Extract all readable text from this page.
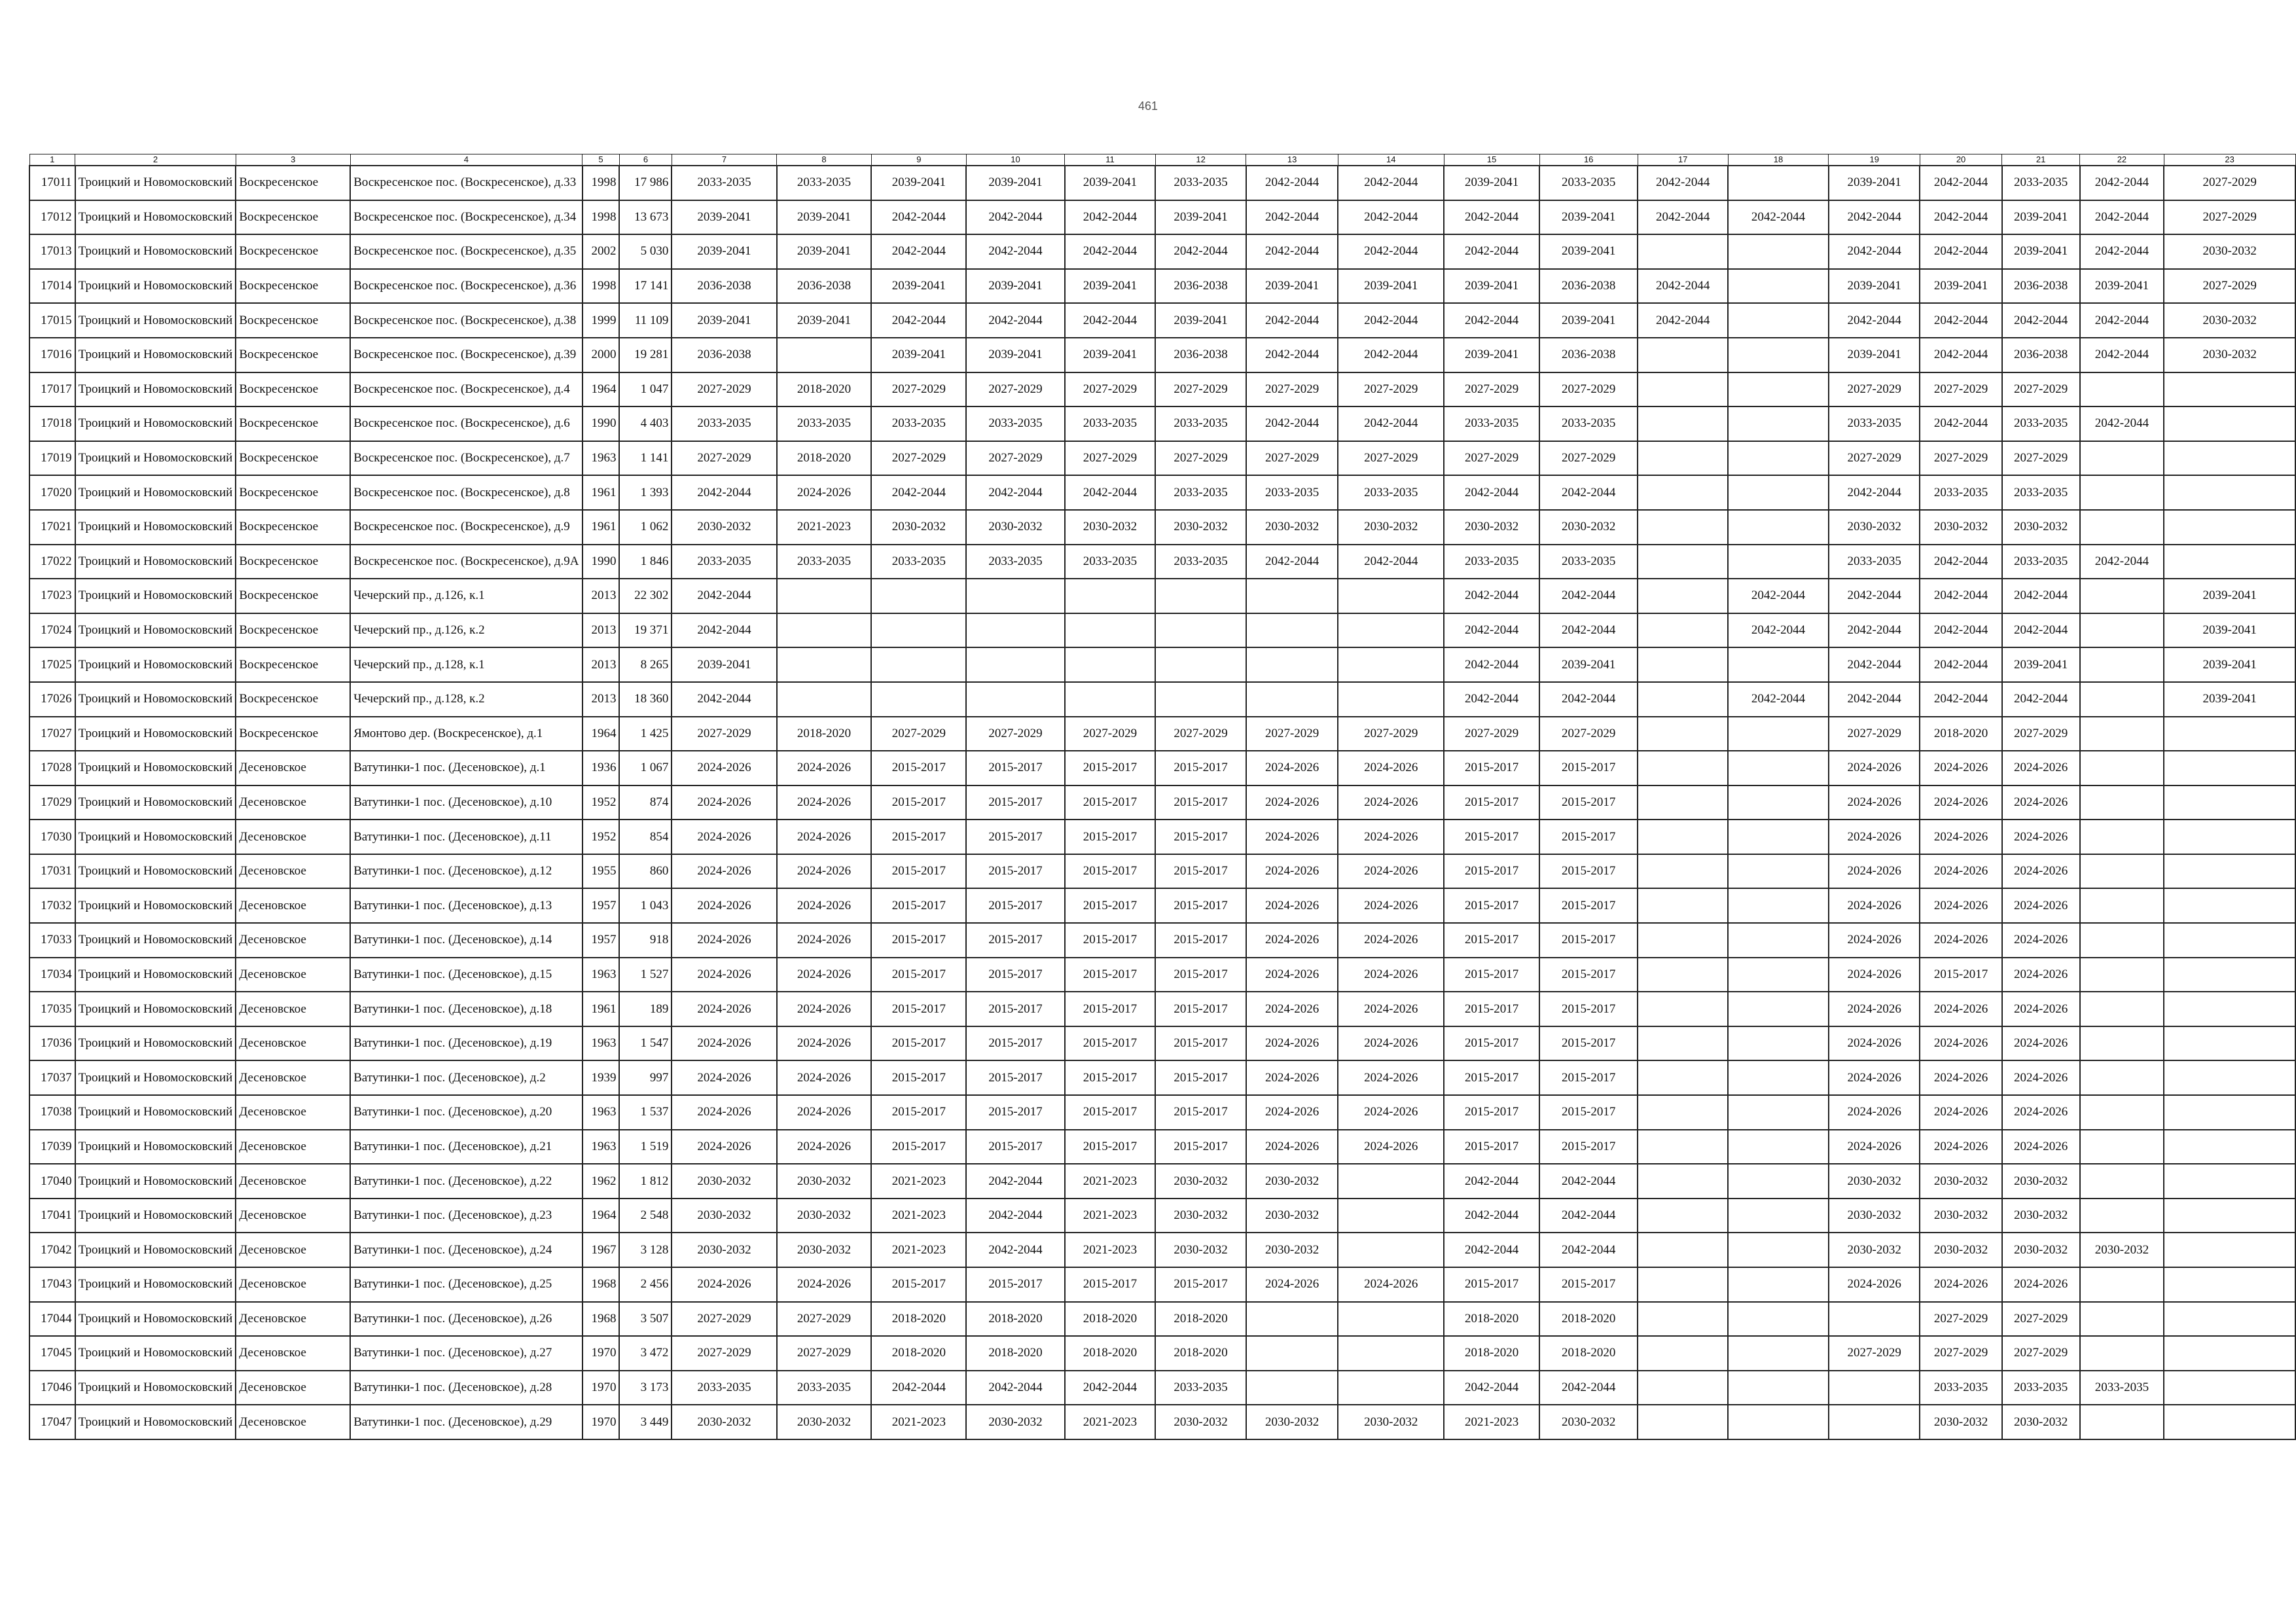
461
1	2	3	4	5	6	7	8	9	10	11	12	13	14	15	16	17	18	19	20	21	22	23
17011	Троицкий и Новомосковский	Воскресенское	Воскресенское пос. (Воскресенское), д.33	1998	17 986	2033-2035	2033-2035	2039-2041	2039-2041	2039-2041	2033-2035	2042-2044	2042-2044	2039-2041	2033-2035	2042-2044		2039-2041	2042-2044	2033-2035	2042-2044	2027-2029
17012	Троицкий и Новомосковский	Воскресенское	Воскресенское пос. (Воскресенское), д.34	1998	13 673	2039-2041	2039-2041	2042-2044	2042-2044	2042-2044	2039-2041	2042-2044	2042-2044	2042-2044	2039-2041	2042-2044	2042-2044	2042-2044	2042-2044	2039-2041	2042-2044	2027-2029
17013	Троицкий и Новомосковский	Воскресенское	Воскресенское пос. (Воскресенское), д.35	2002	5 030	2039-2041	2039-2041	2042-2044	2042-2044	2042-2044	2042-2044	2042-2044	2042-2044	2042-2044	2039-2041			2042-2044	2042-2044	2039-2041	2042-2044	2030-2032
17014	Троицкий и Новомосковский	Воскресенское	Воскресенское пос. (Воскресенское), д.36	1998	17 141	2036-2038	2036-2038	2039-2041	2039-2041	2039-2041	2036-2038	2039-2041	2039-2041	2039-2041	2036-2038	2042-2044		2039-2041	2039-2041	2036-2038	2039-2041	2027-2029
17015	Троицкий и Новомосковский	Воскресенское	Воскресенское пос. (Воскресенское), д.38	1999	11 109	2039-2041	2039-2041	2042-2044	2042-2044	2042-2044	2039-2041	2042-2044	2042-2044	2042-2044	2039-2041	2042-2044		2042-2044	2042-2044	2042-2044	2042-2044	2030-2032
17016	Троицкий и Новомосковский	Воскресенское	Воскресенское пос. (Воскресенское), д.39	2000	19 281	2036-2038		2039-2041	2039-2041	2039-2041	2036-2038	2042-2044	2042-2044	2039-2041	2036-2038			2039-2041	2042-2044	2036-2038	2042-2044	2030-2032
17017	Троицкий и Новомосковский	Воскресенское	Воскресенское пос. (Воскресенское), д.4	1964	1 047	2027-2029	2018-2020	2027-2029	2027-2029	2027-2029	2027-2029	2027-2029	2027-2029	2027-2029	2027-2029			2027-2029	2027-2029	2027-2029		
17018	Троицкий и Новомосковский	Воскресенское	Воскресенское пос. (Воскресенское), д.6	1990	4 403	2033-2035	2033-2035	2033-2035	2033-2035	2033-2035	2033-2035	2042-2044	2042-2044	2033-2035	2033-2035			2033-2035	2042-2044	2033-2035	2042-2044	
17019	Троицкий и Новомосковский	Воскресенское	Воскресенское пос. (Воскресенское), д.7	1963	1 141	2027-2029	2018-2020	2027-2029	2027-2029	2027-2029	2027-2029	2027-2029	2027-2029	2027-2029	2027-2029			2027-2029	2027-2029	2027-2029		
17020	Троицкий и Новомосковский	Воскресенское	Воскресенское пос. (Воскресенское), д.8	1961	1 393	2042-2044	2024-2026	2042-2044	2042-2044	2042-2044	2033-2035	2033-2035	2033-2035	2042-2044	2042-2044			2042-2044	2033-2035	2033-2035		
17021	Троицкий и Новомосковский	Воскресенское	Воскресенское пос. (Воскресенское), д.9	1961	1 062	2030-2032	2021-2023	2030-2032	2030-2032	2030-2032	2030-2032	2030-2032	2030-2032	2030-2032	2030-2032			2030-2032	2030-2032	2030-2032		
17022	Троицкий и Новомосковский	Воскресенское	Воскресенское пос. (Воскресенское), д.9А	1990	1 846	2033-2035	2033-2035	2033-2035	2033-2035	2033-2035	2033-2035	2042-2044	2042-2044	2033-2035	2033-2035			2033-2035	2042-2044	2033-2035	2042-2044	
17023	Троицкий и Новомосковский	Воскресенское	Чечерский пр., д.126, к.1	2013	22 302	2042-2044								2042-2044	2042-2044		2042-2044	2042-2044	2042-2044	2042-2044		2039-2041
17024	Троицкий и Новомосковский	Воскресенское	Чечерский пр., д.126, к.2	2013	19 371	2042-2044								2042-2044	2042-2044		2042-2044	2042-2044	2042-2044	2042-2044		2039-2041
17025	Троицкий и Новомосковский	Воскресенское	Чечерский пр., д.128, к.1	2013	8 265	2039-2041								2042-2044	2039-2041			2042-2044	2042-2044	2039-2041		2039-2041
17026	Троицкий и Новомосковский	Воскресенское	Чечерский пр., д.128, к.2	2013	18 360	2042-2044								2042-2044	2042-2044		2042-2044	2042-2044	2042-2044	2042-2044		2039-2041
17027	Троицкий и Новомосковский	Воскресенское	Ямонтово дер. (Воскресенское), д.1	1964	1 425	2027-2029	2018-2020	2027-2029	2027-2029	2027-2029	2027-2029	2027-2029	2027-2029	2027-2029	2027-2029			2027-2029	2018-2020	2027-2029		
17028	Троицкий и Новомосковский	Десеновское	Ватутинки-1 пос. (Десеновское), д.1	1936	1 067	2024-2026	2024-2026	2015-2017	2015-2017	2015-2017	2015-2017	2024-2026	2024-2026	2015-2017	2015-2017			2024-2026	2024-2026	2024-2026		
17029	Троицкий и Новомосковский	Десеновское	Ватутинки-1 пос. (Десеновское), д.10	1952	874	2024-2026	2024-2026	2015-2017	2015-2017	2015-2017	2015-2017	2024-2026	2024-2026	2015-2017	2015-2017			2024-2026	2024-2026	2024-2026		
17030	Троицкий и Новомосковский	Десеновское	Ватутинки-1 пос. (Десеновское), д.11	1952	854	2024-2026	2024-2026	2015-2017	2015-2017	2015-2017	2015-2017	2024-2026	2024-2026	2015-2017	2015-2017			2024-2026	2024-2026	2024-2026		
17031	Троицкий и Новомосковский	Десеновское	Ватутинки-1 пос. (Десеновское), д.12	1955	860	2024-2026	2024-2026	2015-2017	2015-2017	2015-2017	2015-2017	2024-2026	2024-2026	2015-2017	2015-2017			2024-2026	2024-2026	2024-2026		
17032	Троицкий и Новомосковский	Десеновское	Ватутинки-1 пос. (Десеновское), д.13	1957	1 043	2024-2026	2024-2026	2015-2017	2015-2017	2015-2017	2015-2017	2024-2026	2024-2026	2015-2017	2015-2017			2024-2026	2024-2026	2024-2026		
17033	Троицкий и Новомосковский	Десеновское	Ватутинки-1 пос. (Десеновское), д.14	1957	918	2024-2026	2024-2026	2015-2017	2015-2017	2015-2017	2015-2017	2024-2026	2024-2026	2015-2017	2015-2017			2024-2026	2024-2026	2024-2026		
17034	Троицкий и Новомосковский	Десеновское	Ватутинки-1 пос. (Десеновское), д.15	1963	1 527	2024-2026	2024-2026	2015-2017	2015-2017	2015-2017	2015-2017	2024-2026	2024-2026	2015-2017	2015-2017			2024-2026	2015-2017	2024-2026		
17035	Троицкий и Новомосковский	Десеновское	Ватутинки-1 пос. (Десеновское), д.18	1961	189	2024-2026	2024-2026	2015-2017	2015-2017	2015-2017	2015-2017	2024-2026	2024-2026	2015-2017	2015-2017			2024-2026	2024-2026	2024-2026		
17036	Троицкий и Новомосковский	Десеновское	Ватутинки-1 пос. (Десеновское), д.19	1963	1 547	2024-2026	2024-2026	2015-2017	2015-2017	2015-2017	2015-2017	2024-2026	2024-2026	2015-2017	2015-2017			2024-2026	2024-2026	2024-2026		
17037	Троицкий и Новомосковский	Десеновское	Ватутинки-1 пос. (Десеновское), д.2	1939	997	2024-2026	2024-2026	2015-2017	2015-2017	2015-2017	2015-2017	2024-2026	2024-2026	2015-2017	2015-2017			2024-2026	2024-2026	2024-2026		
17038	Троицкий и Новомосковский	Десеновское	Ватутинки-1 пос. (Десеновское), д.20	1963	1 537	2024-2026	2024-2026	2015-2017	2015-2017	2015-2017	2015-2017	2024-2026	2024-2026	2015-2017	2015-2017			2024-2026	2024-2026	2024-2026		
17039	Троицкий и Новомосковский	Десеновское	Ватутинки-1 пос. (Десеновское), д.21	1963	1 519	2024-2026	2024-2026	2015-2017	2015-2017	2015-2017	2015-2017	2024-2026	2024-2026	2015-2017	2015-2017			2024-2026	2024-2026	2024-2026		
17040	Троицкий и Новомосковский	Десеновское	Ватутинки-1 пос. (Десеновское), д.22	1962	1 812	2030-2032	2030-2032	2021-2023	2042-2044	2021-2023	2030-2032	2030-2032		2042-2044	2042-2044			2030-2032	2030-2032	2030-2032		
17041	Троицкий и Новомосковский	Десеновское	Ватутинки-1 пос. (Десеновское), д.23	1964	2 548	2030-2032	2030-2032	2021-2023	2042-2044	2021-2023	2030-2032	2030-2032		2042-2044	2042-2044			2030-2032	2030-2032	2030-2032		
17042	Троицкий и Новомосковский	Десеновское	Ватутинки-1 пос. (Десеновское), д.24	1967	3 128	2030-2032	2030-2032	2021-2023	2042-2044	2021-2023	2030-2032	2030-2032		2042-2044	2042-2044			2030-2032	2030-2032	2030-2032	2030-2032	
17043	Троицкий и Новомосковский	Десеновское	Ватутинки-1 пос. (Десеновское), д.25	1968	2 456	2024-2026	2024-2026	2015-2017	2015-2017	2015-2017	2015-2017	2024-2026	2024-2026	2015-2017	2015-2017			2024-2026	2024-2026	2024-2026		
17044	Троицкий и Новомосковский	Десеновское	Ватутинки-1 пос. (Десеновское), д.26	1968	3 507	2027-2029	2027-2029	2018-2020	2018-2020	2018-2020	2018-2020			2018-2020	2018-2020				2027-2029	2027-2029		
17045	Троицкий и Новомосковский	Десеновское	Ватутинки-1 пос. (Десеновское), д.27	1970	3 472	2027-2029	2027-2029	2018-2020	2018-2020	2018-2020	2018-2020			2018-2020	2018-2020			2027-2029	2027-2029	2027-2029		
17046	Троицкий и Новомосковский	Десеновское	Ватутинки-1 пос. (Десеновское), д.28	1970	3 173	2033-2035	2033-2035	2042-2044	2042-2044	2042-2044	2033-2035			2042-2044	2042-2044				2033-2035	2033-2035	2033-2035	
17047	Троицкий и Новомосковский	Десеновское	Ватутинки-1 пос. (Десеновское), д.29	1970	3 449	2030-2032	2030-2032	2021-2023	2030-2032	2021-2023	2030-2032	2030-2032	2030-2032	2021-2023	2030-2032				2030-2032	2030-2032		
